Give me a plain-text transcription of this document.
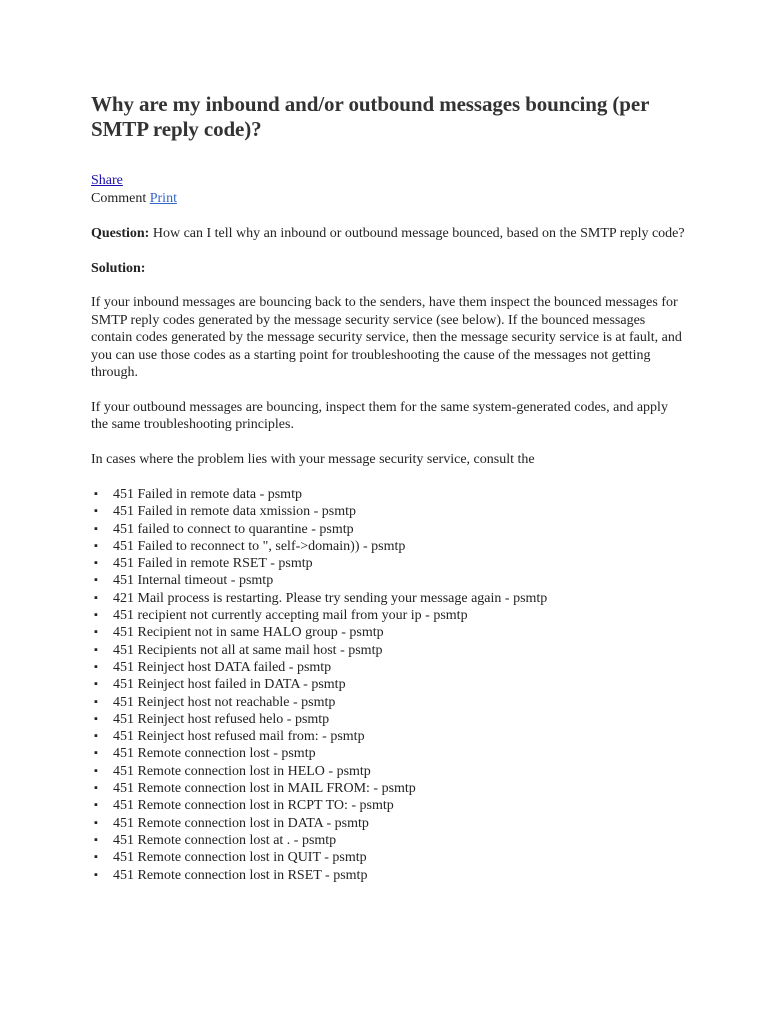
Why are my inbound and/or outbound messages bouncing (per SMTP reply code)?
Share
Comment Print

Question: How can I tell why an inbound or outbound message bounced, based on the SMTP reply code?

Solution:

If your inbound messages are bouncing back to the senders, have them inspect the bounced messages for SMTP reply codes generated by the message security service (see below). If the bounced messages contain codes generated by the message security service, then the message security service is at fault, and you can use those codes as a starting point for troubleshooting the cause of the messages not getting through.

If your outbound messages are bouncing, inspect them for the same system-generated codes, and apply the same troubleshooting principles.

In cases where the problem lies with your message security service, consult the

▪ 451 Failed in remote data - psmtp
▪ 451 Failed in remote data xmission - psmtp
▪ 451 failed to connect to quarantine - psmtp
▪ 451 Failed to reconnect to ", self->domain)) - psmtp
▪ 451 Failed in remote RSET - psmtp
▪ 451 Internal timeout - psmtp
▪ 421 Mail process is restarting. Please try sending your message again - psmtp
▪ 451 recipient not currently accepting mail from your ip - psmtp
▪ 451 Recipient not in same HALO group - psmtp
▪ 451 Recipients not all at same mail host - psmtp
▪ 451 Reinject host DATA failed - psmtp
▪ 451 Reinject host failed in DATA - psmtp
▪ 451 Reinject host not reachable - psmtp
▪ 451 Reinject host refused helo - psmtp
▪ 451 Reinject host refused mail from: - psmtp
▪ 451 Remote connection lost - psmtp
▪ 451 Remote connection lost in HELO - psmtp
▪ 451 Remote connection lost in MAIL FROM: - psmtp
▪ 451 Remote connection lost in RCPT TO: - psmtp
▪ 451 Remote connection lost in DATA - psmtp
▪ 451 Remote connection lost at . - psmtp
▪ 451 Remote connection lost in QUIT - psmtp
▪ 451 Remote connection lost in RSET - psmtp
